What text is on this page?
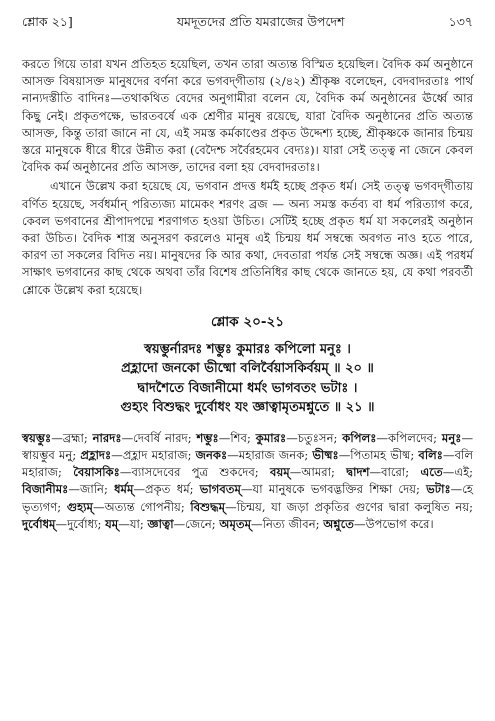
শ্লোক ২১]	যমদূতদের প্রতি যমরাজের উপদেশ	১৩৭

করতে গিয়ে তারা যখন প্রতিহত হয়েছিল, তখন তারা অত্যন্ত বিস্মিত হয়েছিল। বৈদিক কর্ম অনুষ্ঠানে আসক্ত বিষয়াসক্ত মানুষদের বর্ণনা করে ভগবদ্‌গীতায় (২/৪২) শ্রীকৃষ্ণ বলেছেন, বেদবাদরতাঃ পার্থ নান্যদস্তীতি বাদিনঃ—তথাকথিত বেদের অনুগামীরা বলেন যে, বৈদিক কর্ম অনুষ্ঠানের ঊর্ধ্বে আর কিছু নেই। প্রকৃতপক্ষে, ভারতবর্ষে এক শ্রেণীর মানুষ রয়েছে, যারা বৈদিক অনুষ্ঠানের প্রতি অত্যন্ত আসক্ত, কিন্তু তারা জানে না যে, এই সমস্ত কর্মকাণ্ডের প্রকৃত উদ্দেশ্য হচ্ছে, শ্রীকৃষ্ণকে জানার চিন্ময় স্তরে মানুষকে ধীরে ধীরে উন্নীত করা (বেদৈশ্চ সর্বৈরহমেব বেদ্যঃ)। যারা সেই তত্ত্ব না জেনে কেবল বৈদিক কর্ম অনুষ্ঠানের প্রতি আসক্ত, তাদের বলা হয় বেদবাদরতাঃ।

এখানে উল্লেখ করা হয়েছে যে, ভগবান প্রদত্ত ধর্মই হচ্ছে প্রকৃত ধর্ম। সেই তত্ত্ব ভগবদ্‌গীতায় বর্ণিত হয়েছে, সর্বধর্মান্ পরিত্যজ্য মামেকং শরণং ব্রজ — অন্য সমস্ত কর্তব্য বা ধর্ম পরিত্যাগ করে, কেবল ভগবানের শ্রীপাদপদ্মে শরণাগত হওয়া উচিত। সেটিই হচ্ছে প্রকৃত ধর্ম যা সকলেরই অনুষ্ঠান করা উচিত। বৈদিক শাস্ত্র অনুসরণ করলেও মানুষ এই চিন্ময় ধর্ম সম্বন্ধে অবগত নাও হতে পারে, কারণ তা সকলের বিদিত নয়। মানুষদের কি আর কথা, দেবতারা পর্যন্ত সেই সম্বন্ধে অজ্ঞ। এই পরধর্ম সাক্ষাৎ ভগবানের কাছ থেকে অথবা তাঁর বিশেষ প্রতিনিধির কাছ থেকে জানতে হয়, যে কথা পরবর্তী শ্লোকে উল্লেখ করা হয়েছে।

শ্লোক ২০-২১
স্বয়ম্ভুর্নারদঃ শম্ভুঃ কুমারঃ কপিলো মনুঃ ।
প্রহ্লাদো জনকো ভীষ্মো বলির্বৈয়াসকির্বয়ম্ ॥ ২০ ॥
দ্বাদশৈতে বিজানীমো ধর্মং ভাগবতং ভটাঃ ।
গুহ্যং বিশুদ্ধং দুর্বোধং যং জ্ঞাত্বামৃতমশ্নুতে ॥ ২১ ॥
স্বয়ম্ভুঃ—ব্রহ্মা; নারদঃ—দেবর্ষি নারদ; শম্ভুঃ—শিব; কুমারঃ—চতুঃসন; কপিলঃ—কপিলদেব; মনুঃ—স্বায়ম্ভুব মনু; প্রহ্লাদঃ—প্রহ্লাদ মহারাজ; জনকঃ—মহারাজ জনক; ভীষ্মঃ—পিতামহ ভীষ্ম; বলিঃ—বলি মহারাজ; বৈয়াসকিঃ—ব্যাসদেবের পুত্র শুকদেব; বয়ম্—আমরা; দ্বাদশ—বারো; এতে—এই; বিজানীমঃ—জানি; ধর্মম্—প্রকৃত ধর্ম; ভাগবতম্—যা মানুষকে ভগবদ্ভক্তির শিক্ষা দেয়; ভটাঃ—হে ভৃত্যগণ; গুহ্যম্—অত্যন্ত গোপনীয়; বিশুদ্ধম্—চিন্ময়, যা জড়া প্রকৃতির গুণের দ্বারা কলুষিত নয়; দুর্বোধম্—দুর্বোধ্য; যম্—যা; জ্ঞাত্বা—জেনে; অমৃতম্—নিত্য জীবন; অশ্নুতে—উপভোগ করে।
